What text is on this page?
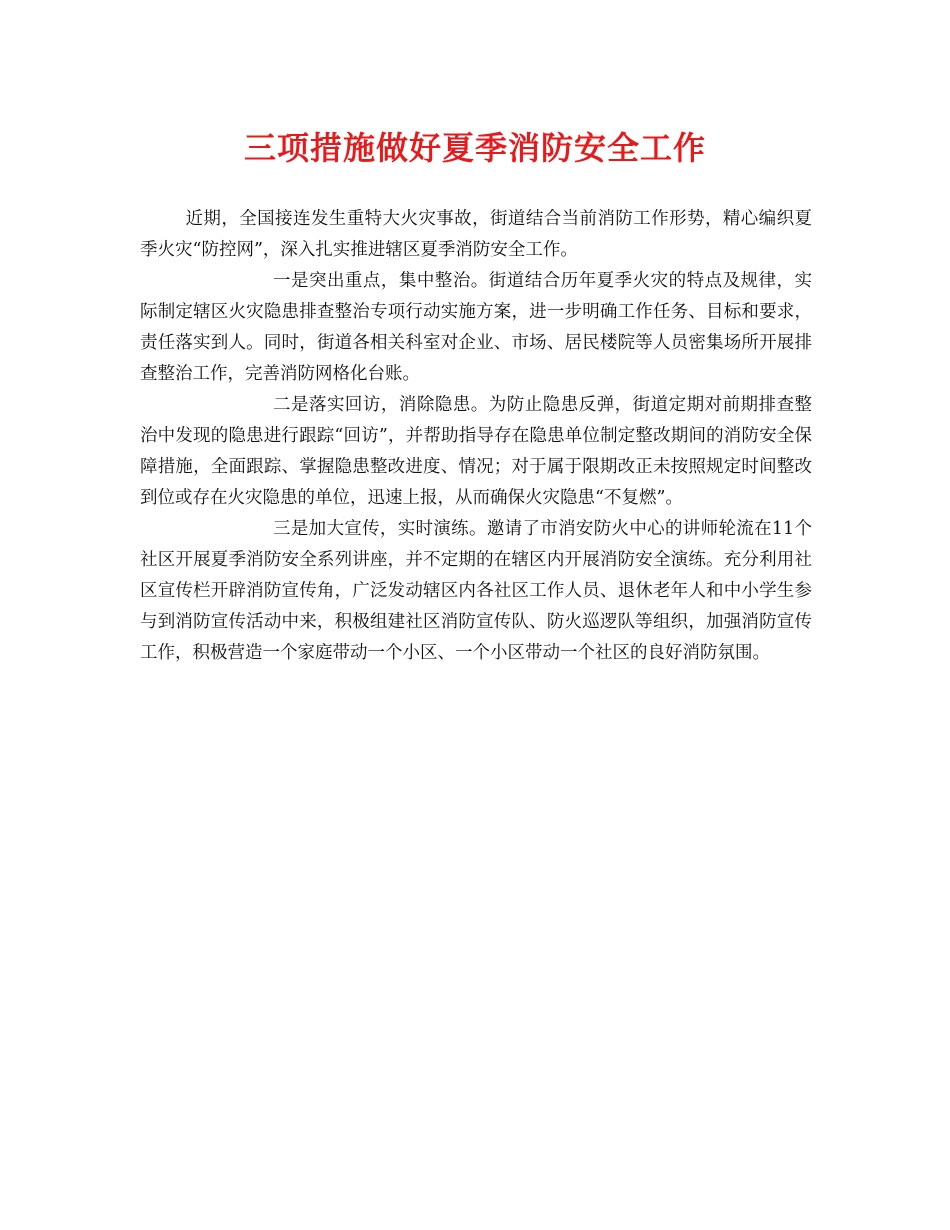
三项措施做好夏季消防安全工作

近期，全国接连发生重特大火灾事故，街道结合当前消防工作形势，精心编织夏季火灾“防控网”，深入扎实推进辖区夏季消防安全工作。

一是突出重点，集中整治。街道结合历年夏季火灾的特点及规律，实际制定辖区火灾隐患排查整治专项行动实施方案，进一步明确工作任务、目标和要求，责任落实到人。同时，街道各相关科室对企业、市场、居民楼院等人员密集场所开展排查整治工作，完善消防网格化台账。

二是落实回访，消除隐患。为防止隐患反弹，街道定期对前期排查整治中发现的隐患进行跟踪“回访”，并帮助指导存在隐患单位制定整改期间的消防安全保障措施，全面跟踪、掌握隐患整改进度、情况；对于属于限期改正未按照规定时间整改到位或存在火灾隐患的单位，迅速上报，从而确保火灾隐患“不复燃”。

三是加大宣传，实时演练。邀请了市消安防火中心的讲师轮流在11个社区开展夏季消防安全系列讲座，并不定期的在辖区内开展消防安全演练。充分利用社区宣传栏开辟消防宣传角，广泛发动辖区内各社区工作人员、退休老年人和中小学生参与到消防宣传活动中来，积极组建社区消防宣传队、防火巡逻队等组织，加强消防宣传工作，积极营造一个家庭带动一个小区、一个小区带动一个社区的良好消防氛围。
